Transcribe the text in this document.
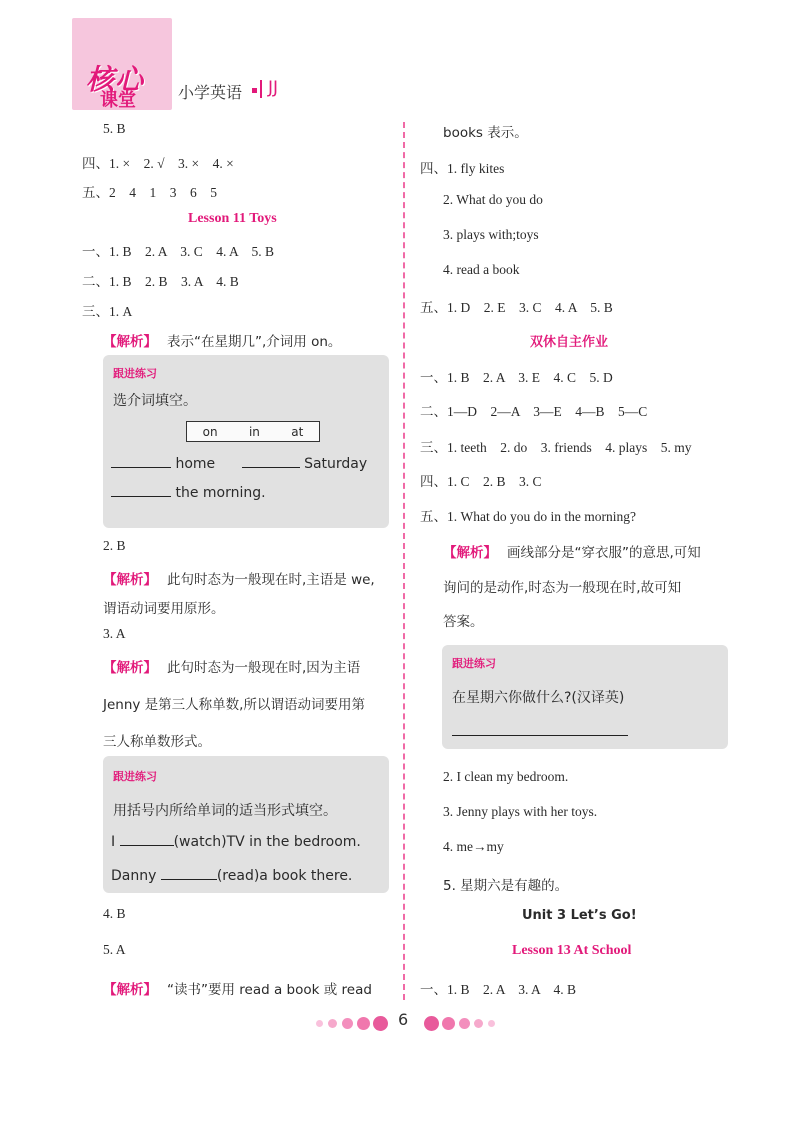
核心
课堂	小学英语 JJ
5. B
四、1. ×　2. √　3. ×　4. ×
五、2　4　1　3　6　5
Lesson 11 Toys
一、1. B　2. A　3. C　4. A　5. B
二、1. B　2. B　3. A　4. B
三、1. A
【解析】 表示“在星期几”,介词用 on。
跟进练习
选介词填空。
on	in	at
home	Saturday
the morning.
2. B
【解析】 此句时态为一般现在时,主语是 we,
谓语动词要用原形。
3. A
【解析】 此句时态为一般现在时,因为主语
Jenny 是第三人称单数,所以谓语动词要用第
三人称单数形式。
跟进练习
用括号内所给单词的适当形式填空。
I	(watch)TV in the bedroom.
Danny	(read)a book there.
4. B
5. A
【解析】 “读书”要用 read a book 或 read
books 表示。
四、1. fly kites
2. What do you do
3. plays with;toys
4. read a book
五、1. D　2. E　3. C　4. A　5. B
双休自主作业
一、1. B　2. A　3. E　4. C　5. D
二、1—D　2—A　3—E　4—B　5—C
三、1. teeth　2. do　3. friends　4. plays　5. my
四、1. C　2. B　3. C
五、1. What do you do in the morning?
【解析】 画线部分是“穿衣服”的意思,可知
询问的是动作,时态为一般现在时,故可知
答案。
跟进练习
在星期六你做什么?(汉译英)
2. I clean my bedroom.
3. Jenny plays with her toys.
4. me→my
5. 星期六是有趣的。
Unit 3 Let’s Go!
Lesson 13 At School
一、1. B　2. A　3. A　4. B
6
